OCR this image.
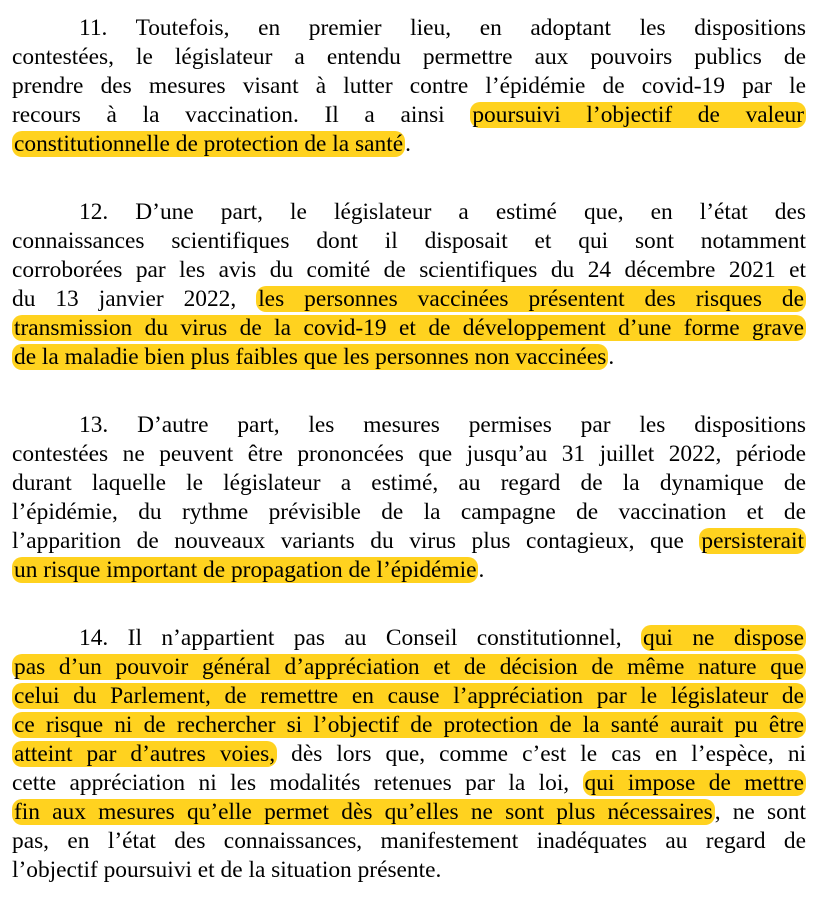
11. Toutefois, en premier lieu, en adoptant les dispositions
contestées, le législateur a entendu permettre aux pouvoirs publics de
prendre des mesures visant à lutter contre l’épidémie de covid-19 par le
recours à la vaccination. Il a ainsi poursuivi l’objectif de valeur
constitutionnelle de protection de la santé.
12. D’une part, le législateur a estimé que, en l’état des
connaissances scientifiques dont il disposait et qui sont notamment
corroborées par les avis du comité de scientifiques du 24 décembre 2021 et
du 13 janvier 2022, les personnes vaccinées présentent des risques de
transmission du virus de la covid-19 et de développement d’une forme grave
de la maladie bien plus faibles que les personnes non vaccinées.
13. D’autre part, les mesures permises par les dispositions
contestées ne peuvent être prononcées que jusqu’au 31 juillet 2022, période
durant laquelle le législateur a estimé, au regard de la dynamique de
l’épidémie, du rythme prévisible de la campagne de vaccination et de
l’apparition de nouveaux variants du virus plus contagieux, que persisterait
un risque important de propagation de l’épidémie.
14. Il n’appartient pas au Conseil constitutionnel, qui ne dispose
pas d’un pouvoir général d’appréciation et de décision de même nature que
celui du Parlement, de remettre en cause l’appréciation par le législateur de
ce risque ni de rechercher si l’objectif de protection de la santé aurait pu être
atteint par d’autres voies, dès lors que, comme c’est le cas en l’espèce, ni
cette appréciation ni les modalités retenues par la loi, qui impose de mettre
fin aux mesures qu’elle permet dès qu’elles ne sont plus nécessaires, ne sont
pas, en l’état des connaissances, manifestement inadéquates au regard de
l’objectif poursuivi et de la situation présente.
